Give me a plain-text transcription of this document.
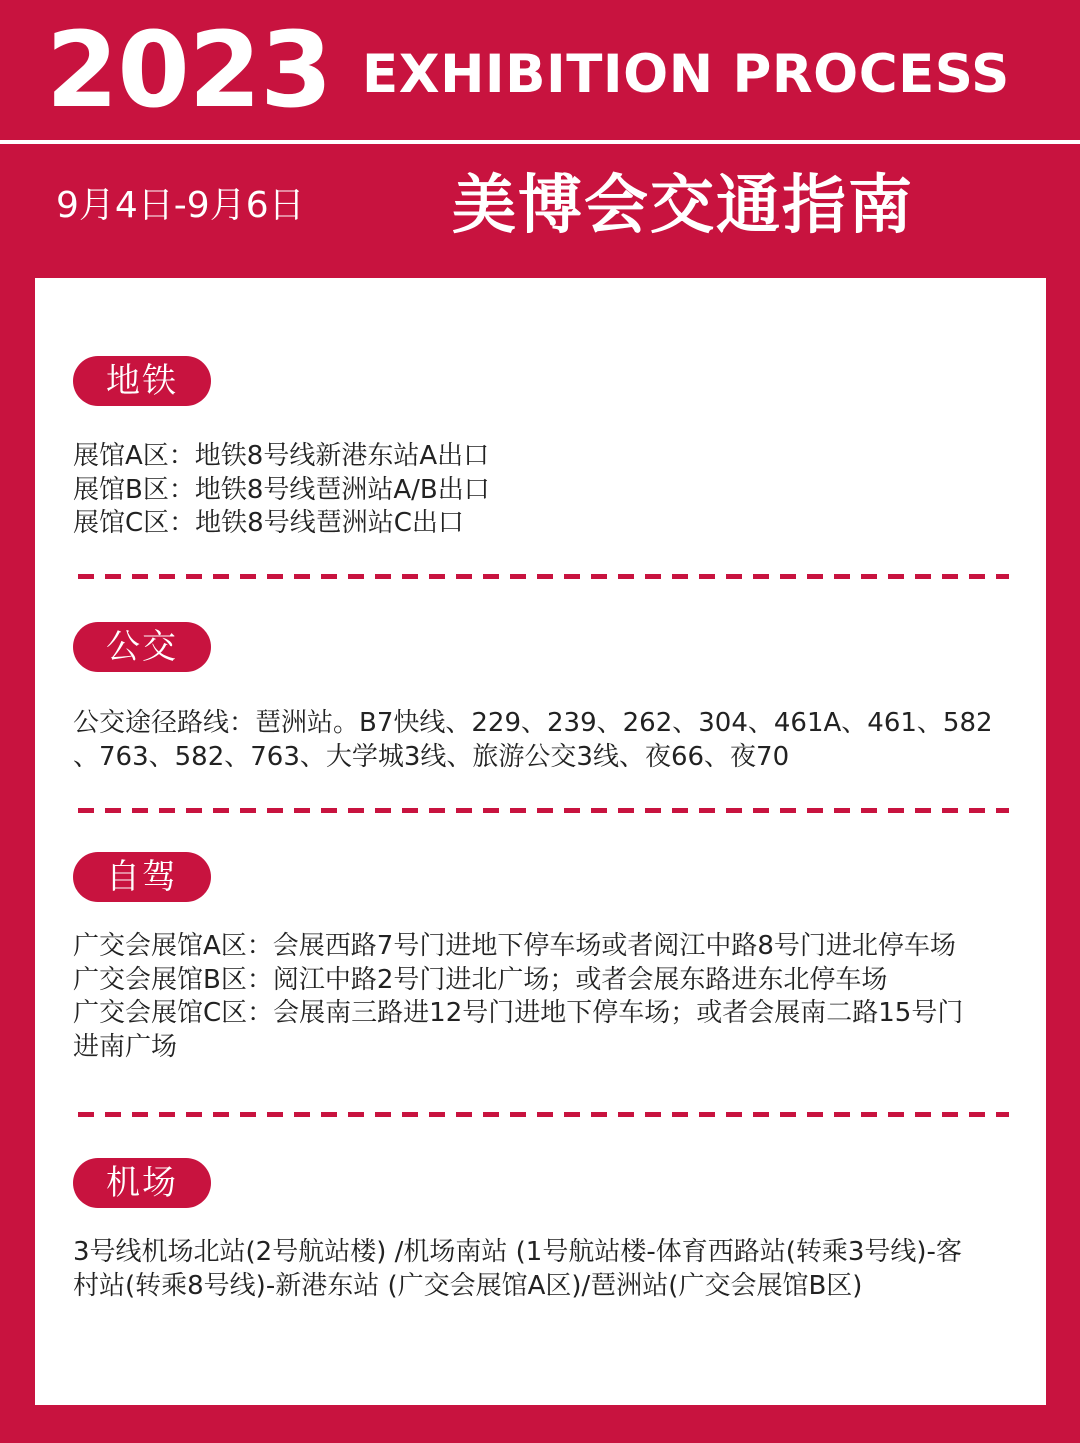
2023 EXHIBITION PROCESS
9月4日-9月6日 美博会交通指南
地铁
展馆A区：地铁8号线新港东站A出口
展馆B区：地铁8号线琶洲站A/B出口
展馆C区：地铁8号线琶洲站C出口
公交
公交途径路线：琶洲站。B7快线、229、239、262、304、461A、461、582
、763、582、763、大学城3线、旅游公交3线、夜66、夜70
自驾
广交会展馆A区：会展西路7号门进地下停车场或者阅江中路8号门进北停车场
广交会展馆B区：阅江中路2号门进北广场；或者会展东路进东北停车场
广交会展馆C区：会展南三路进12号门进地下停车场；或者会展南二路15号门
进南广场
机场
3号线机场北站(2号航站楼) /机场南站 (1号航站楼-体育西路站(转乘3号线)-客
村站(转乘8号线)-新港东站 (广交会展馆A区)/琶洲站(广交会展馆B区)
